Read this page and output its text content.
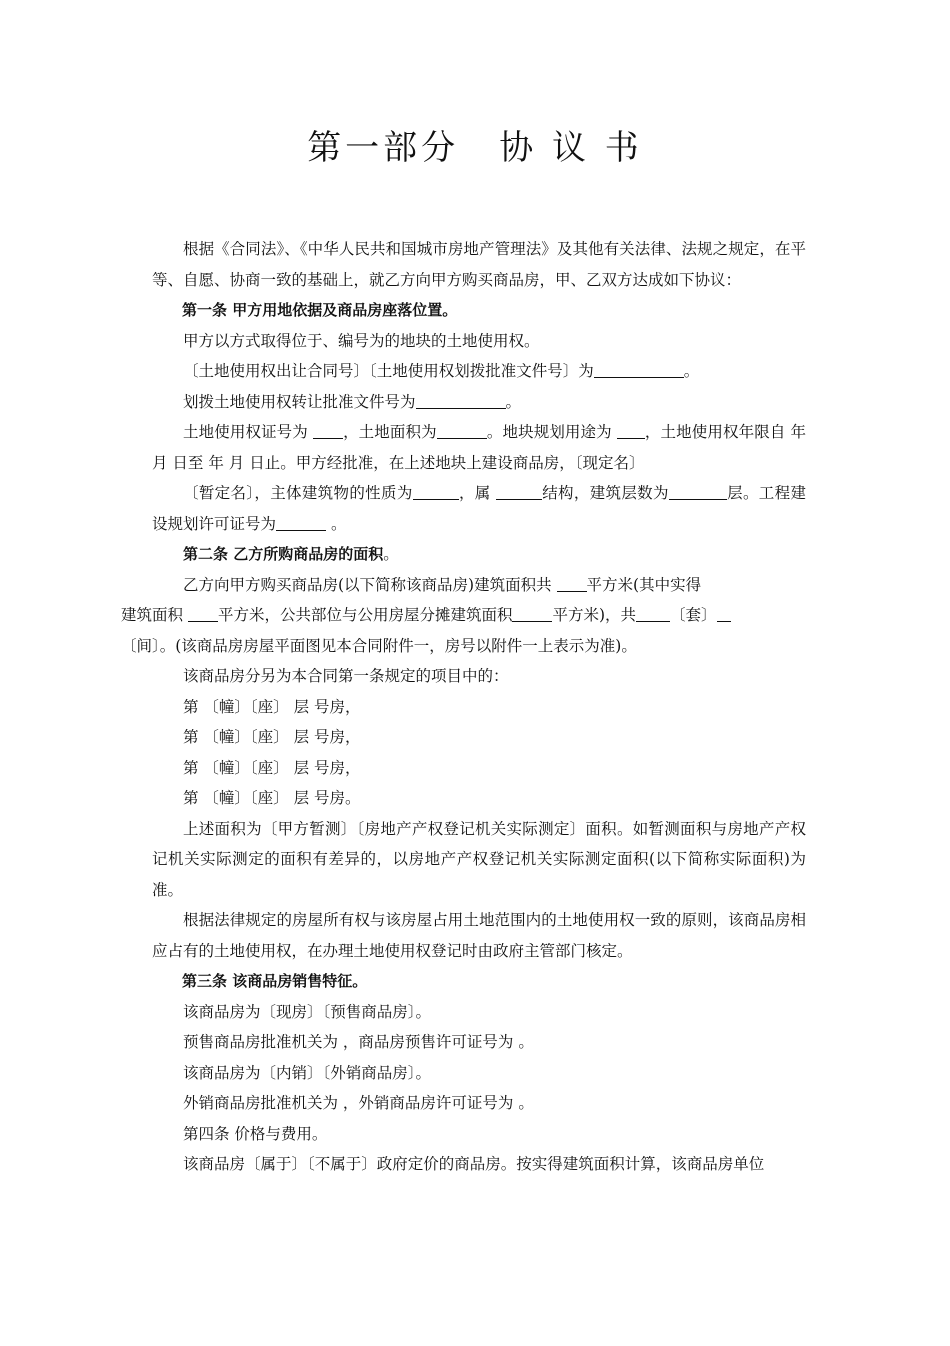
第一部分 协 议 书

根据《合同法》、《中华人民共和国城市房地产管理法》及其他有关法律、法规之规定，在平等、自愿、协商一致的基础上，就乙方向甲方购买商品房，甲、乙双方达成如下协议：

第一条 甲方用地依据及商品房座落位置。

甲方以方式取得位于、编号为的地块的土地使用权。

〔土地使用权出让合同号〕〔土地使用权划拨批准文件号〕为	。

划拨土地使用权转让批准文件号为	。

土地使用权证号为 ，土地面积为	。地块规划用途为 ，土地使用权年限自 年 月 日至 年 月 日止。甲方经批准，在上述地块上建设商品房，〔现定名〕

〔暂定名〕，主体建筑物的性质为	，属	结构，建筑层数为	层。工程建设规划许可证号为	。

第二条 乙方所购商品房的面积。

乙方向甲方购买商品房(以下简称该商品房)建筑面积共 平方米(其中实得
建筑面积 平方米，公共部位与公用房屋分摊建筑面积	平方米)，共 〔套〕
〔间〕。(该商品房房屋平面图见本合同附件一，房号以附件一上表示为准)。

该商品房分另为本合同第一条规定的项目中的：

第 〔幢〕〔座〕 层 号房，

第 〔幢〕〔座〕 层 号房，

第 〔幢〕〔座〕 层 号房，

第 〔幢〕〔座〕 层 号房。

上述面积为〔甲方暂测〕〔房地产产权登记机关实际测定〕面积。如暂测面积与房地产产权记机关实际测定的面积有差异的，以房地产产权登记机关实际测定面积(以下简称实际面积)为准。

根据法律规定的房屋所有权与该房屋占用土地范围内的土地使用权一致的原则，该商品房相应占有的土地使用权，在办理土地使用权登记时由政府主管部门核定。

第三条 该商品房销售特征。

该商品房为〔现房〕〔预售商品房〕。

预售商品房批准机关为 ，商品房预售许可证号为 。

该商品房为〔内销〕〔外销商品房〕。

外销商品房批准机关为 ，外销商品房许可证号为 。

第四条 价格与费用。

该商品房〔属于〕〔不属于〕政府定价的商品房。按实得建筑面积计算，该商品房单位
